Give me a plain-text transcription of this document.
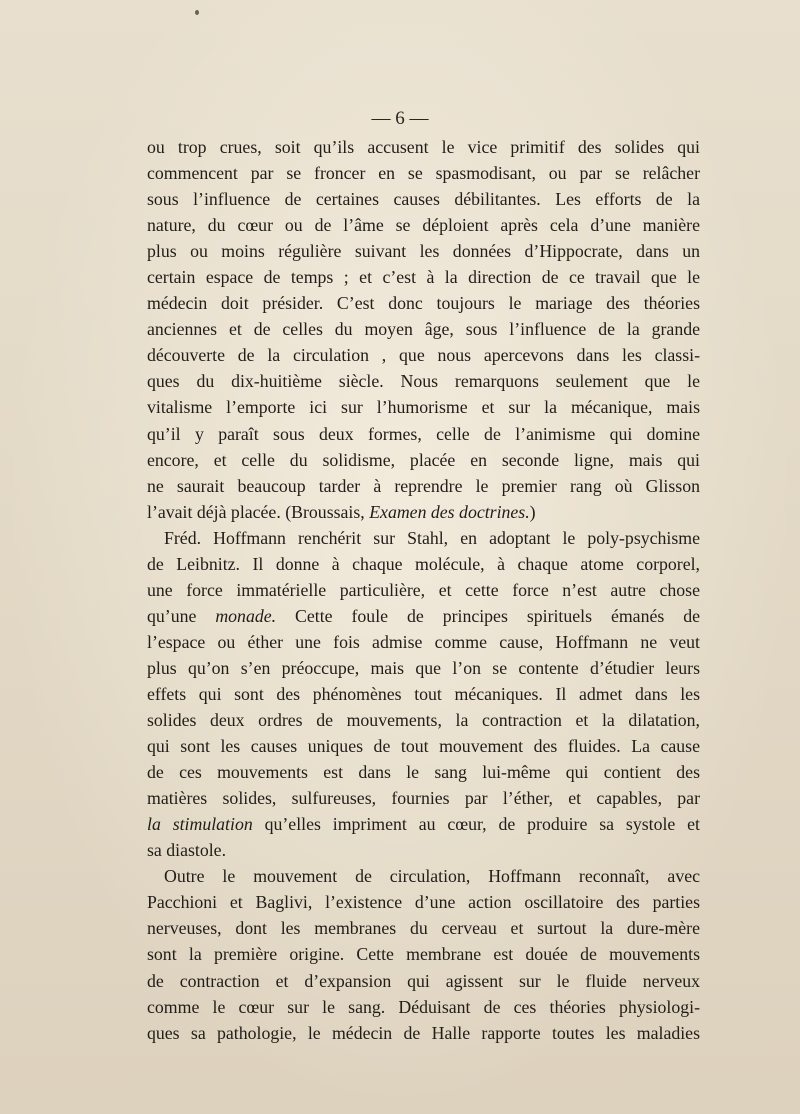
— 6 —
ou trop crues, soit qu’ils accusent le vice primitif des solides qui
commencent par se froncer en se spasmodisant, ou par se relâcher
sous l’influence de certaines causes débilitantes. Les efforts de la
nature, du cœur ou de l’âme se déploient après cela d’une manière
plus ou moins régulière suivant les données d’Hippocrate, dans un
certain espace de temps ; et c’est à la direction de ce travail que le
médecin doit présider. C’est donc toujours le mariage des théories
anciennes et de celles du moyen âge, sous l’influence de la grande
découverte de la circulation , que nous apercevons dans les classi-
ques du dix-huitième siècle. Nous remarquons seulement que le
vitalisme l’emporte ici sur l’humorisme et sur la mécanique, mais
qu’il y paraît sous deux formes, celle de l’animisme qui domine
encore, et celle du solidisme, placée en seconde ligne, mais qui
ne saurait beaucoup tarder à reprendre le premier rang où Glisson
l’avait déjà placée. (Broussais, Examen des doctrines.)
Fréd. Hoffmann renchérit sur Stahl, en adoptant le poly-psychisme
de Leibnitz. Il donne à chaque molécule, à chaque atome corporel,
une force immatérielle particulière, et cette force n’est autre chose
qu’une monade. Cette foule de principes spirituels émanés de
l’espace ou éther une fois admise comme cause, Hoffmann ne veut
plus qu’on s’en préoccupe, mais que l’on se contente d’étudier leurs
effets qui sont des phénomènes tout mécaniques. Il admet dans les
solides deux ordres de mouvements, la contraction et la dilatation,
qui sont les causes uniques de tout mouvement des fluides. La cause
de ces mouvements est dans le sang lui-même qui contient des
matières solides, sulfureuses, fournies par l’éther, et capables, par
la stimulation qu’elles impriment au cœur, de produire sa systole et
sa diastole.
Outre le mouvement de circulation, Hoffmann reconnaît, avec
Pacchioni et Baglivi, l’existence d’une action oscillatoire des parties
nerveuses, dont les membranes du cerveau et surtout la dure-mère
sont la première origine. Cette membrane est douée de mouvements
de contraction et d’expansion qui agissent sur le fluide nerveux
comme le cœur sur le sang. Déduisant de ces théories physiologi-
ques sa pathologie, le médecin de Halle rapporte toutes les maladies
